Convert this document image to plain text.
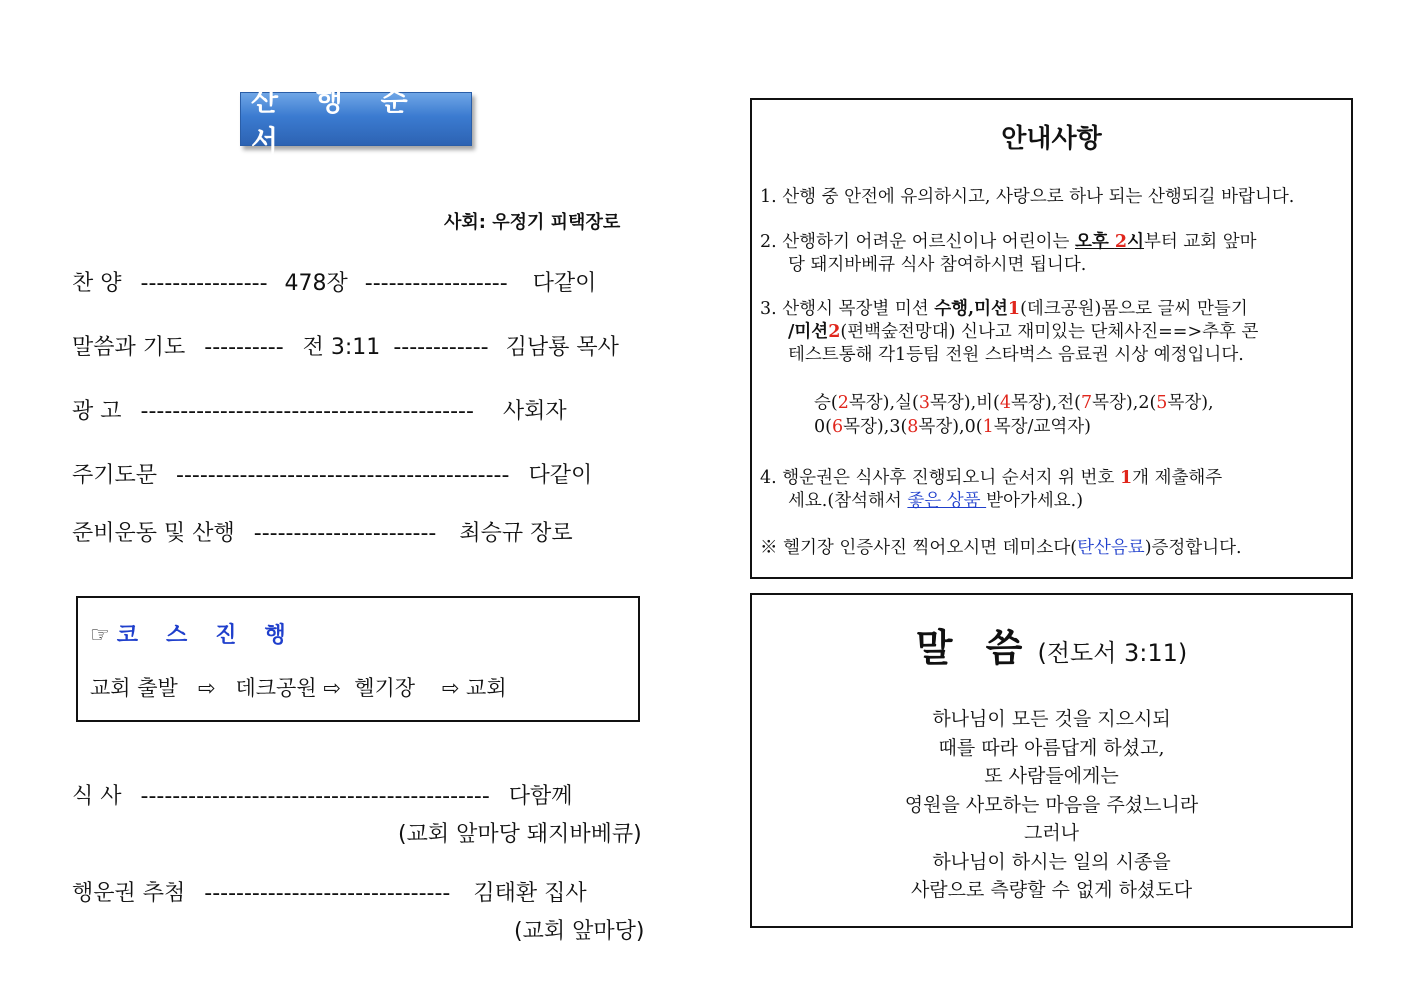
산 행 순 서
사회: 우정기 피택장로
찬 양 ---------------- 478장 ------------------ 다같이
말씀과 기도 ---------- 전 3:11 ------------ 김남룡 목사
광 고 ------------------------------------------ 사회자
주기도문 ------------------------------------------ 다같이
준비운동 및 산행 ----------------------- 최승규 장로
☞ 코스진행
교회 출발   ⇨   데크공원 ⇨  헬기장    ⇨ 교회
식 사 -------------------------------------------- 다함께
(교회 앞마당 돼지바베큐)
행운권 추첨 ------------------------------- 김태환 집사
(교회 앞마당)
안내사항
1. 산행 중 안전에 유의하시고, 사랑으로 하나 되는 산행되길 바랍니다.
2. 산행하기 어려운 어르신이나 어린이는 오후 2시부터 교회 앞마
당 돼지바베큐 식사 참여하시면 됩니다.
3. 산행시 목장별 미션 수행,미션1(데크공원)몸으로 글씨 만들기
/미션2(편백숲전망대) 신나고 재미있는 단체사진==>추후 콘
테스트통해 각1등팀 전원 스타벅스 음료권 시상 예정입니다.
승(2목장),실(3목장),비(4목장),전(7목장),2(5목장),
0(6목장),3(8목장),0(1목장/교역자)
4. 행운권은 식사후 진행되오니 순서지 위 번호 1개 제출해주
세요.(참석해서 좋은 상품 받아가세요.)
※ 헬기장 인증사진 찍어오시면 데미소다(탄산음료)증정합니다.
말 씀 (전도서 3:11)
하나님이 모든 것을 지으시되
때를 따라 아름답게 하셨고,
또 사람들에게는
영원을 사모하는 마음을 주셨느니라
그러나
하나님이 하시는 일의 시종을
사람으로 측량할 수 없게 하셨도다
